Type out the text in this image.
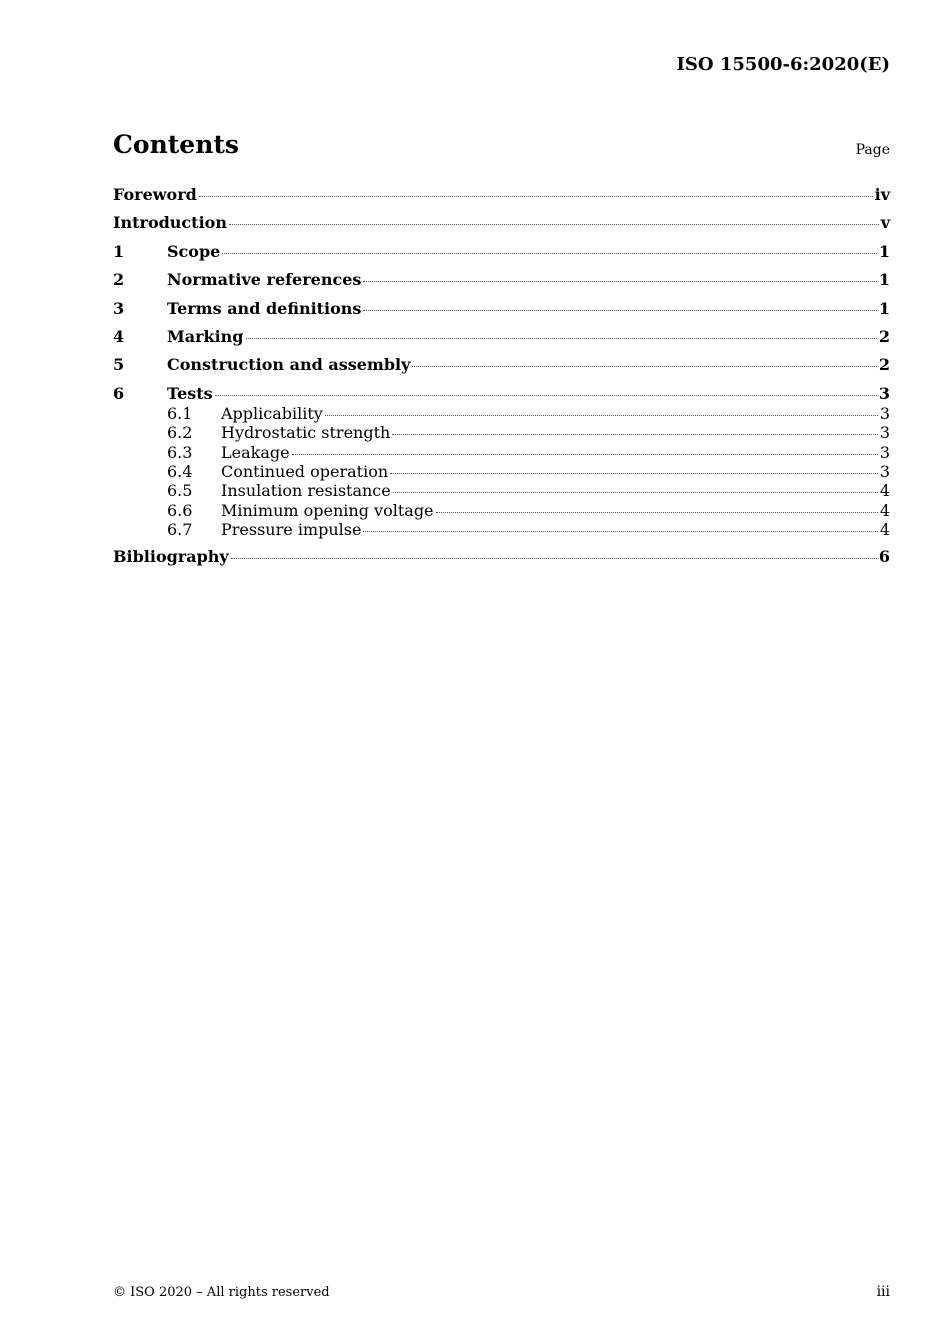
ISO 15500-6:2020(E)
Contents	Page
Foreword	iv
Introduction	v
1	Scope	1
2	Normative references	1
3	Terms and definitions	1
4	Marking	2
5	Construction and assembly	2
6	Tests	3
6.1	Applicability	3
6.2	Hydrostatic strength	3
6.3	Leakage	3
6.4	Continued operation	3
6.5	Insulation resistance	4
6.6	Minimum opening voltage	4
6.7	Pressure impulse	4
Bibliography	6
© ISO 2020 – All rights reserved	iii
